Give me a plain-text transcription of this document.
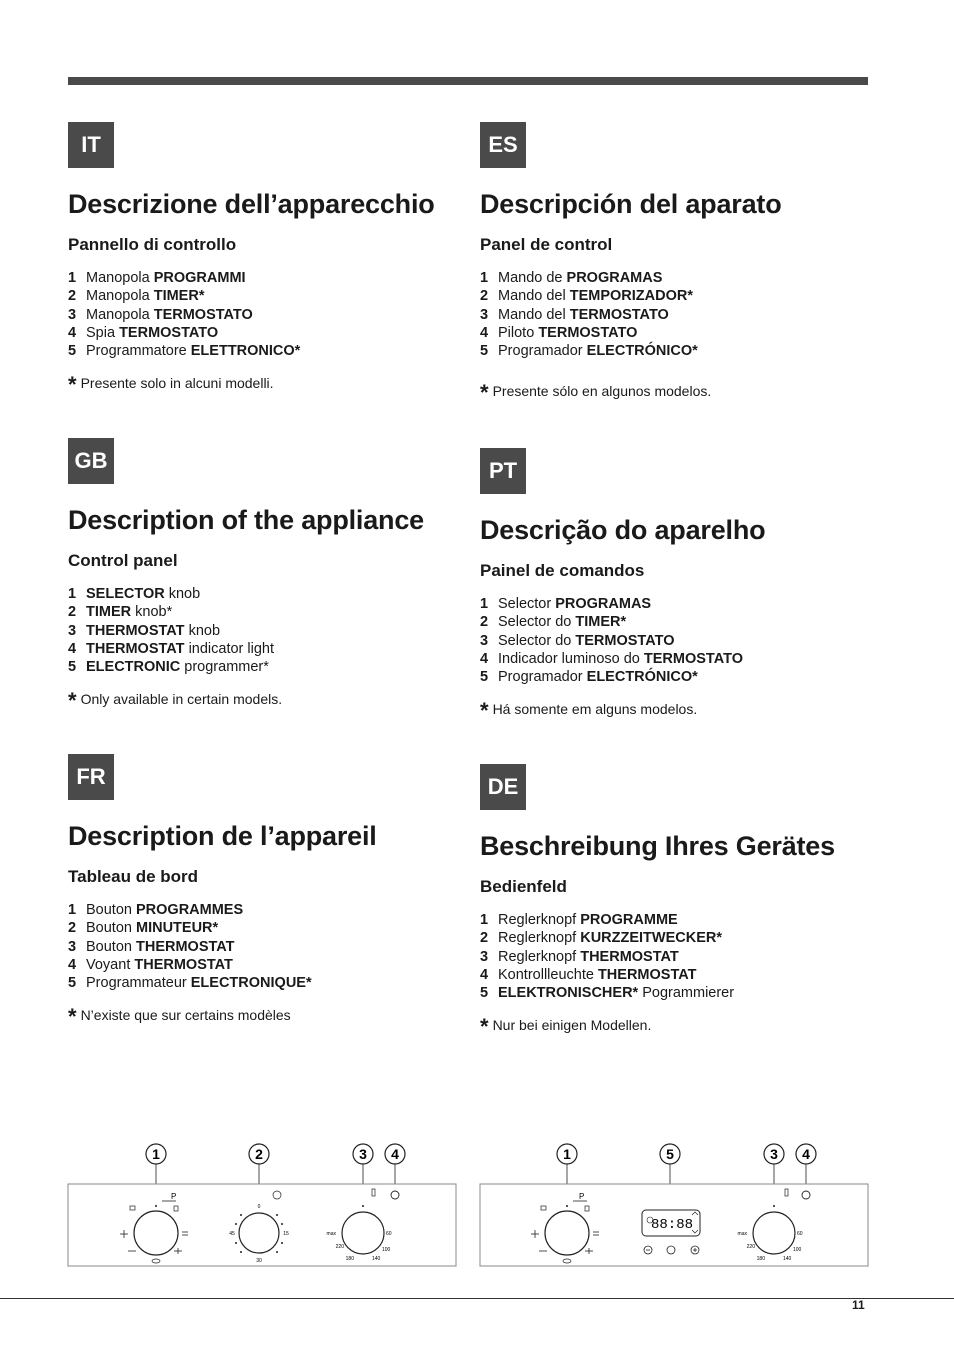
IT
Descrizione dell’apparecchio
Pannello di controllo
1 Manopola PROGRAMMI
2 Manopola TIMER*
3 Manopola TERMOSTATO
4 Spia TERMOSTATO
5 Programmatore ELETTRONICO*
* Presente solo in alcuni modelli.
ES
Descripción del aparato
Panel de control
1 Mando de PROGRAMAS
2 Mando del TEMPORIZADOR*
3 Mando del TERMOSTATO
4 Piloto TERMOSTATO
5 Programador ELECTRÓNICO*
* Presente sólo en algunos modelos.
GB
Description of the appliance
Control panel
1 SELECTOR knob
2 TIMER knob*
3 THERMOSTAT knob
4 THERMOSTAT indicator light
5 ELECTRONIC programmer*
* Only available in certain models.
PT
Descrição do aparelho
Painel de comandos
1 Selector PROGRAMAS
2 Selector do TIMER*
3 Selector do TERMOSTATO
4 Indicador luminoso do TERMOSTATO
5 Programador ELECTRÓNICO*
* Há somente em alguns modelos.
FR
Description de l’appareil
Tableau de bord
1 Bouton PROGRAMMES
2 Bouton MINUTEUR*
3 Bouton THERMOSTAT
4 Voyant THERMOSTAT
5 Programmateur ELECTRONIQUE*
* N’existe que sur certains modèles
DE
Beschreibung Ihres Gerätes
Bedienfeld
1 Reglerknopf PROGRAMME
2 Reglerknopf KURZZEITWECKER*
3 Reglerknopf THERMOSTAT
4 Kontrollleuchte THERMOSTAT
5 ELEKTRONISCHER* Pogrammierer
* Nur bei einigen Modellen.
1	2	3 4
P
0
15
30
45	max	60
100
140
180
220
1	5	3 4
P
88:88
max	60
100
140
180
220
11
